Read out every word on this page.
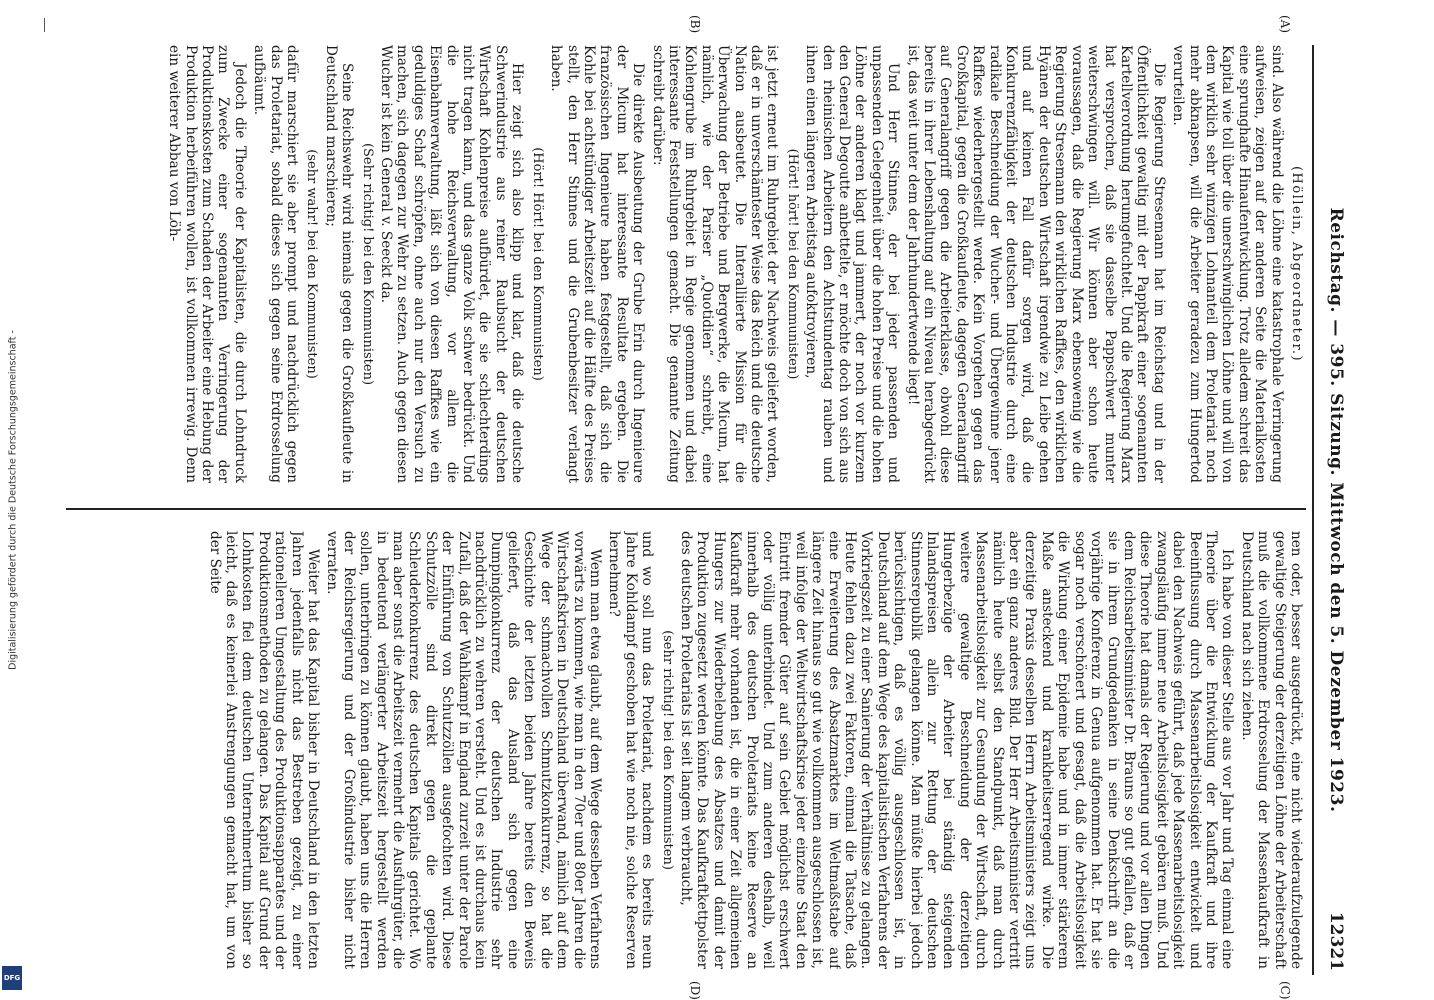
Digitalisierung gefördert durch die Deutsche Forschungsgemeinschaft -
DFG
Reichstag. — 395. Sitzung. Mittwoch den 5. Dezember 1923.
12321
(A)
(B)
(C)
(D)

(Höllein, Abgeordneter.)

sind. Also während die Löhne eine katastrophale Verringerung aufweisen, zeigen auf der anderen Seite die Materialkosten eine sprunghafte Hinaufentwicklung. Trotz alledem schreit das Kapital wie toll über die unerschwinglichen Löhne und will von dem wirklich sehr winzigen Lohnanteil dem Proletariat noch mehr abknapsen, will die Arbeiter geradezu zum Hungertod verurteilen.

Die Regierung Stresemann hat im Reichstag und in der Öffentlichkeit gewaltig mit der Pappkraft einer sogenannten Kartellverordnung herumgefuchtelt. Und die Regierung Marx hat versprochen, daß sie dasselbe Pappschwert munter weiterschwingen will. Wir können aber schon heute voraussagen, daß die Regierung Marx ebensowenig wie die Regierung Stresemann den wirklichen Raffkes, den wirklichen Hyänen der deutschen Wirtschaft irgendwie zu Leibe gehen und auf keinen Fall dafür sorgen wird, daß die Konkurrenzfähigkeit der deutschen Industrie durch eine radikale Beschneidung der Wucher- und Übergewinne jener Raffkes wiederhergestellt werde. Kein Vorgehen gegen das Großkapital, gegen die Großkaufleute, dagegen Generalangriff auf Generalangriff gegen die Arbeiterklasse, obwohl diese bereits in ihrer Lebenshaltung auf ein Niveau herabgedrückt ist, das weit unter dem der Jahrhundertwende liegt!

Und Herr Stinnes, der bei jeder passenden und unpassenden Gelegenheit über die hohen Preise und die hohen Löhne der anderen klagt und jammert, der noch vor kurzem den General Degoutte anbettelte, er möchte doch von sich aus den rheinischen Arbeitern den Achtstundentag rauben und ihnen einen längeren Arbeitstag aufoktroyieren,

(Hört! hört! bei den Kommunisten)

ist jetzt erneut im Ruhrgebiet der Nachweis geliefert worden, daß er in unverschämtester Weise das Reich und die deutsche Nation ausbeutet. Die Interalliierte Mission für die Überwachung der Betriebe und Bergwerke, die Micum, hat nämlich, wie der Pariser „Quotidien“ schreibt, eine Kohlengrube im Ruhrgebiet in Regie genommen und dabei interessante Feststellungen gemacht. Die genannte Zeitung schreibt darüber:

Die direkte Ausbeutung der Grube Erin durch Ingenieure der Micum hat interessante Resultate ergeben. Die französischen Ingenieure haben festgestellt, daß sich die Kohle bei achtstündiger Arbeitszeit auf die Hälfte des Preises stellt, den Herr Stinnes und die Grubenbesitzer verlangt haben.

(Hört! Hört! bei den Kommunisten)

Hier zeigt sich also klipp und klar, daß die deutsche Schwerindustrie aus reiner Raubsucht der deutschen Wirtschaft Kohlenpreise aufbürdet, die sie schlechterdings nicht tragen kann, und das ganze Volk schwer bedrückt. Und die hohe Reichsverwaltung, vor allem die Eisenbahnverwaltung, läßt sich von diesen Raffkes wie ein geduldiges Schaf schröpfen, ohne auch nur den Versuch zu machen, sich dagegen zur Wehr zu setzen. Auch gegen diesen Wucher ist kein General v. Seeckt da.

(Sehr richtig! bei den Kommunisten)

Seine Reichswehr wird niemals gegen die Großkaufleute in Deutschland marschieren;

(sehr wahr! bei den Kommunisten)

dafür marschiert sie aber prompt und nachdrücklich gegen das Proletariat, sobald dieses sich gegen seine Erdrosselung aufbäumt.

Jedoch die Theorie der Kapitalisten, die durch Lohndruck zum Zwecke einer sogenannten Verringerung der Produktionskosten zum Schaden der Arbeiter eine Hebung der Produktion herbeiführen wollen, ist vollkommen irrewig. Denn ein weiterer Abbau von Löh-

nen oder, besser ausgedrückt, eine nicht wiederaufzulegende gewaltige Steigerung der derzeitigen Löhne der Arbeiterschaft muß die vollkommene Erdrosselung der Massenkaufkraft in Deutschland nach sich ziehen.

Ich habe von dieser Stelle aus vor Jahr und Tag einmal eine Theorie über die Entwicklung der Kaufkraft und ihre Beeinflussung durch Massenarbeitslosigkeit entwickelt und dabei den Nachweis geführt, daß jede Massenarbeitslosigkeit zwangsläufig immer neue Arbeitslosigkeit gebären muß. Und diese Theorie hat damals der Regierung und vor allen Dingen dem Reichsarbeitsminister Dr. Brauns so gut gefallen, daß er sie in ihrem Grundgedanken in seine Denkschrift an die vorjährige Konferenz in Genua aufgenommen hat. Er hat sie sogar noch verschönert und gesagt, daß die Arbeitslosigkeit die Wirkung einer Epidemie habe und in immer stärkerem Maße ansteckend und krankheitserregend wirke. Die derzeitige Praxis desselben Herrn Arbeitsministers zeigt uns aber ein ganz anderes Bild. Der Herr Arbeitsminister vertritt nämlich heute selbst den Standpunkt, daß man durch Massenarbeitslosigkeit zur Gesundung der Wirtschaft, durch weitere gewaltige Beschneidung der derzeitigen Hungerbezüge der Arbeiter bei ständig steigenden Inlandspreisen allein zur Rettung der deutschen Stinnesrepublik gelangen könne. Man müßte hierbei jedoch berücksichtigen, daß es völlig ausgeschlossen ist, in Deutschland auf dem Wege des kapitalistischen Verfahrens der Vorkriegszeit zu einer Sanierung der Verhältnisse zu gelangen. Heute fehlen dazu zwei Faktoren, einmal die Tatsache, daß eine Erweiterung des Absatzmarktes im Weltmaßstabe auf längere Zeit hinaus so gut wie vollkommen ausgeschlossen ist, weil infolge der Weltwirtschaftskrise jeder einzelne Staat den Eintritt fremder Güter auf sein Gebiet möglichst erschwert oder völlig unterbindet. Und zum anderen deshalb, weil innerhalb des deutschen Proletariats keine Reserve an Kaufkraft mehr vorhanden ist, die in einer Zeit allgemeinen Hungers zur Wiederbelebung des Absatzes und damit der Produktion zugesetzt werden könnte. Das Kaufkraftkettpolster des deutschen Proletariats ist seit langem verbraucht,

(sehr richtig! bei den Kommunisten)

und wo soll nun das Proletariat, nachdem es bereits neun Jahre Kohldampf geschoben hat wie noch nie, solche Reserven hernehmen?

Wenn man etwa glaubt, auf dem Wege desselben Verfahrens vorwärts zu kommen, wie man in den 70er und 80er Jahren die Wirtschaftskrisen in Deutschland überwand, nämlich auf dem Wege der schmachvollen Schmutzkonkurrenz, so hat die Geschichte der letzten beiden Jahre bereits den Beweis geliefert, daß das Ausland sich gegen eine Dumpingkonkurrenz der deutschen Industrie sehr nachdrücklich zu wehren versteht. Und es ist durchaus kein Zufall, daß der Wahlkampf in England zurzeit unter der Parole der Einführung von Schutzzöllen ausgefochten wird. Diese Schutzzölle sind direkt gegen die geplante Schleuderkonkurrenz des deutschen Kapitals gerichtet. Wo man aber sonst die Arbeitszeit vermehrt die Ausfuhrgüter, die in bedeutend verlängerter Arbeitszeit hergestellt werden sollen, unterbringen zu können glaubt, haben uns die Herren der Reichsregierung und der Großindustrie bisher nicht verraten.

Weiter hat das Kapital bisher in Deutschland in den letzten Jahren jedenfalls nicht das Bestreben gezeigt, zu einer rationelleren Umgestaltung des Produktionsapparates und der Produktionsmethoden zu gelangen. Das Kapital auf Grund der Lohnkosten fiel dem deutschen Unternehmertum bisher so leicht, daß es keinerlei Anstrengungen gemacht hat, um von der Seite
